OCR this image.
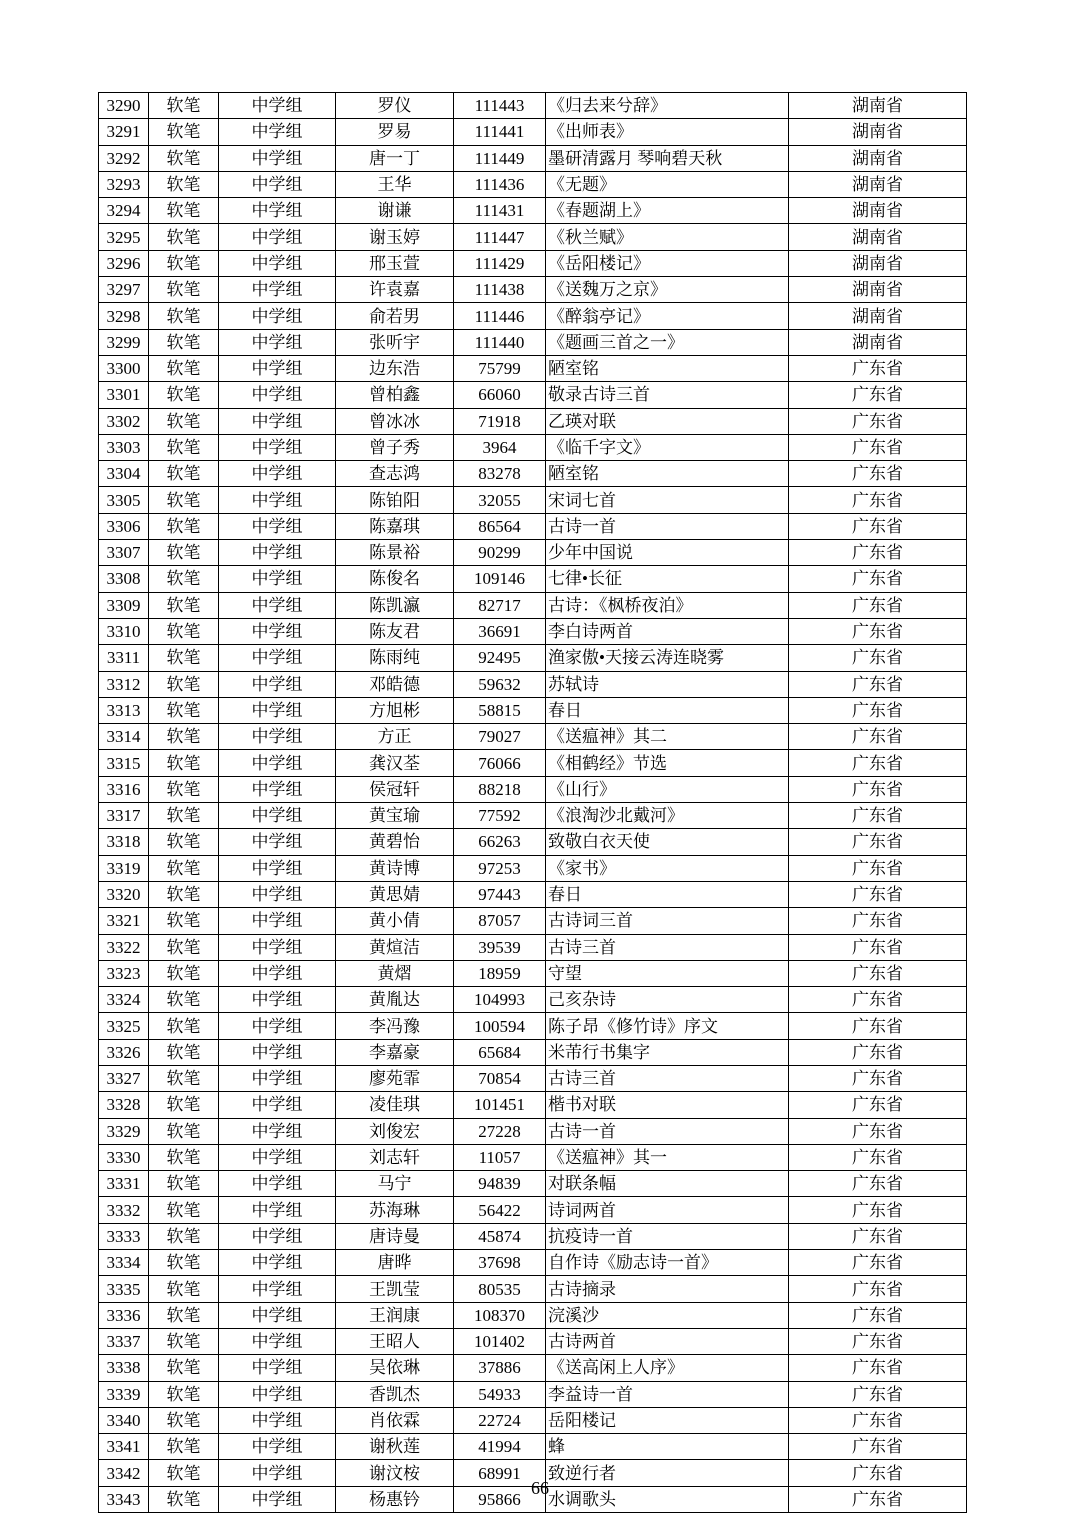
3290	软笔	中学组	罗仪	111443	《归去来兮辞》	湖南省
3291	软笔	中学组	罗易	111441	《出师表》	湖南省
3292	软笔	中学组	唐一丁	111449	墨研清露月 琴响碧天秋	湖南省
3293	软笔	中学组	王华	111436	《无题》	湖南省
3294	软笔	中学组	谢谦	111431	《春题湖上》	湖南省
3295	软笔	中学组	谢玉婷	111447	《秋兰赋》	湖南省
3296	软笔	中学组	邢玉萱	111429	《岳阳楼记》	湖南省
3297	软笔	中学组	许袁嘉	111438	《送魏万之京》	湖南省
3298	软笔	中学组	俞若男	111446	《醉翁亭记》	湖南省
3299	软笔	中学组	张听宇	111440	《题画三首之一》	湖南省
3300	软笔	中学组	边东浩	75799	陋室铭	广东省
3301	软笔	中学组	曾柏鑫	66060	敬录古诗三首	广东省
3302	软笔	中学组	曾冰冰	71918	乙瑛对联	广东省
3303	软笔	中学组	曾子秀	3964	《临千字文》	广东省
3304	软笔	中学组	查志鸿	83278	陋室铭	广东省
3305	软笔	中学组	陈铂阳	32055	宋词七首	广东省
3306	软笔	中学组	陈嘉琪	86564	古诗一首	广东省
3307	软笔	中学组	陈景裕	90299	少年中国说	广东省
3308	软笔	中学组	陈俊名	109146	七律•长征	广东省
3309	软笔	中学组	陈凯瀛	82717	古诗：《枫桥夜泊》	广东省
3310	软笔	中学组	陈友君	36691	李白诗两首	广东省
3311	软笔	中学组	陈雨纯	92495	渔家傲•天接云涛连晓雾	广东省
3312	软笔	中学组	邓皓德	59632	苏轼诗	广东省
3313	软笔	中学组	方旭彬	58815	春日	广东省
3314	软笔	中学组	方正	79027	《送瘟神》其二	广东省
3315	软笔	中学组	龚汉荃	76066	《相鹤经》节选	广东省
3316	软笔	中学组	侯冠轩	88218	《山行》	广东省
3317	软笔	中学组	黄宝瑜	77592	《浪淘沙北戴河》	广东省
3318	软笔	中学组	黄碧怡	66263	致敬白衣天使	广东省
3319	软笔	中学组	黄诗博	97253	《家书》	广东省
3320	软笔	中学组	黄思婧	97443	春日	广东省
3321	软笔	中学组	黄小倩	87057	古诗词三首	广东省
3322	软笔	中学组	黄煊洁	39539	古诗三首	广东省
3323	软笔	中学组	黄熠	18959	守望	广东省
3324	软笔	中学组	黄胤达	104993	己亥杂诗	广东省
3325	软笔	中学组	李冯豫	100594	陈子昂《修竹诗》序文	广东省
3326	软笔	中学组	李嘉豪	65684	米芾行书集字	广东省
3327	软笔	中学组	廖苑霏	70854	古诗三首	广东省
3328	软笔	中学组	凌佳琪	101451	楷书对联	广东省
3329	软笔	中学组	刘俊宏	27228	古诗一首	广东省
3330	软笔	中学组	刘志轩	11057	《送瘟神》其一	广东省
3331	软笔	中学组	马宁	94839	对联条幅	广东省
3332	软笔	中学组	苏海琳	56422	诗词两首	广东省
3333	软笔	中学组	唐诗曼	45874	抗疫诗一首	广东省
3334	软笔	中学组	唐晔	37698	自作诗《励志诗一首》	广东省
3335	软笔	中学组	王凯莹	80535	古诗摘录	广东省
3336	软笔	中学组	王润康	108370	浣溪沙	广东省
3337	软笔	中学组	王昭人	101402	古诗两首	广东省
3338	软笔	中学组	吴依琳	37886	《送高闲上人序》	广东省
3339	软笔	中学组	香凯杰	54933	李益诗一首	广东省
3340	软笔	中学组	肖依霖	22724	岳阳楼记	广东省
3341	软笔	中学组	谢秋莲	41994	蜂	广东省
3342	软笔	中学组	谢汶桉	68991	致逆行者	广东省
3343	软笔	中学组	杨惠钤	95866	水调歌头	广东省
66
